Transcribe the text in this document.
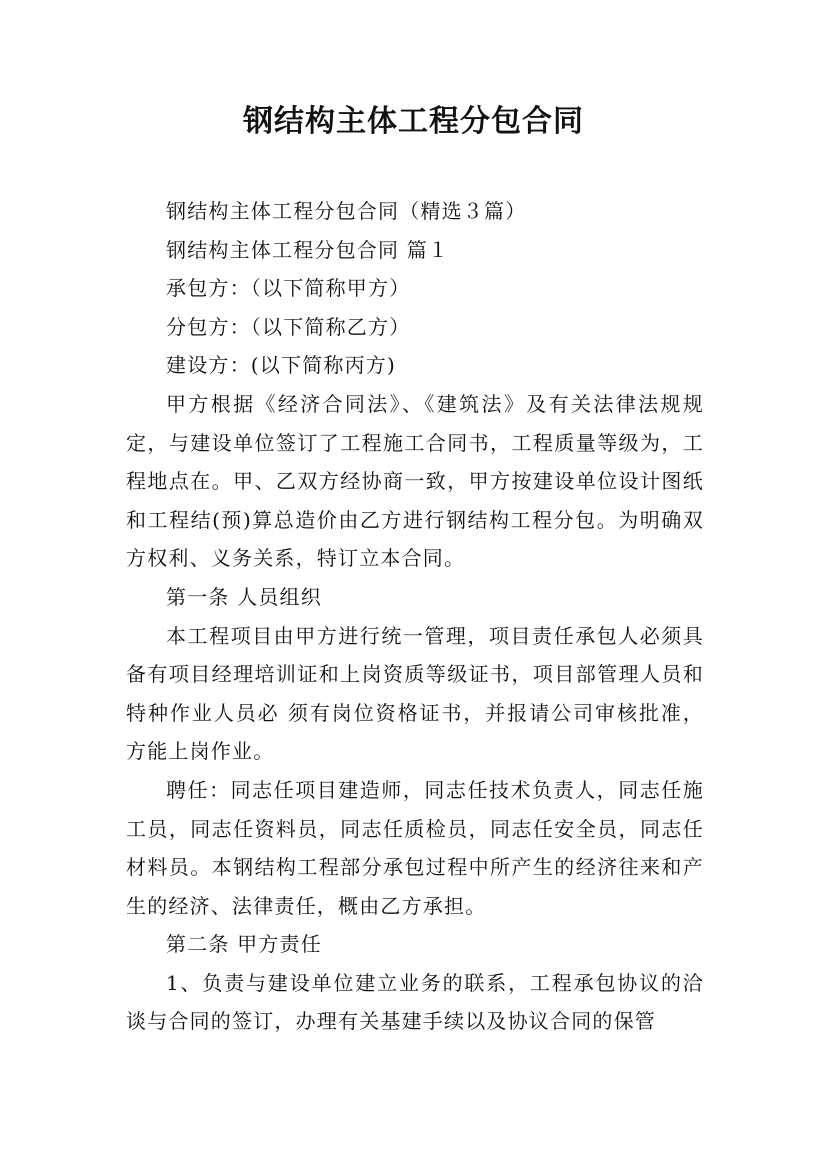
钢结构主体工程分包合同

钢结构主体工程分包合同（精选３篇）

钢结构主体工程分包合同 篇１

承包方：（以下简称甲方）

分包方：（以下简称乙方）

建设方：(以下简称丙方)

甲方根据《经济合同法》、《建筑法》及有关法律法规规定，与建设单位签订了工程施工合同书，工程质量等级为，工程地点在。甲、乙双方经协商一致，甲方按建设单位设计图纸和工程结(预)算总造价由乙方进行钢结构工程分包。为明确双方权利、义务关系，特订立本合同。

第一条 人员组织

本工程项目由甲方进行统一管理，项目责任承包人必须具备有项目经理培训证和上岗资质等级证书，项目部管理人员和特种作业人员必 须有岗位资格证书，并报请公司审核批准，方能上岗作业。

聘任：同志任项目建造师，同志任技术负责人，同志任施工员，同志任资料员，同志任质检员，同志任安全员，同志任材料员。本钢结构工程部分承包过程中所产生的经济往来和产生的经济、法律责任，概由乙方承担。

第二条 甲方责任

1、负责与建设单位建立业务的联系，工程承包协议的洽谈与合同的签订，办理有关基建手续以及协议合同的保管
